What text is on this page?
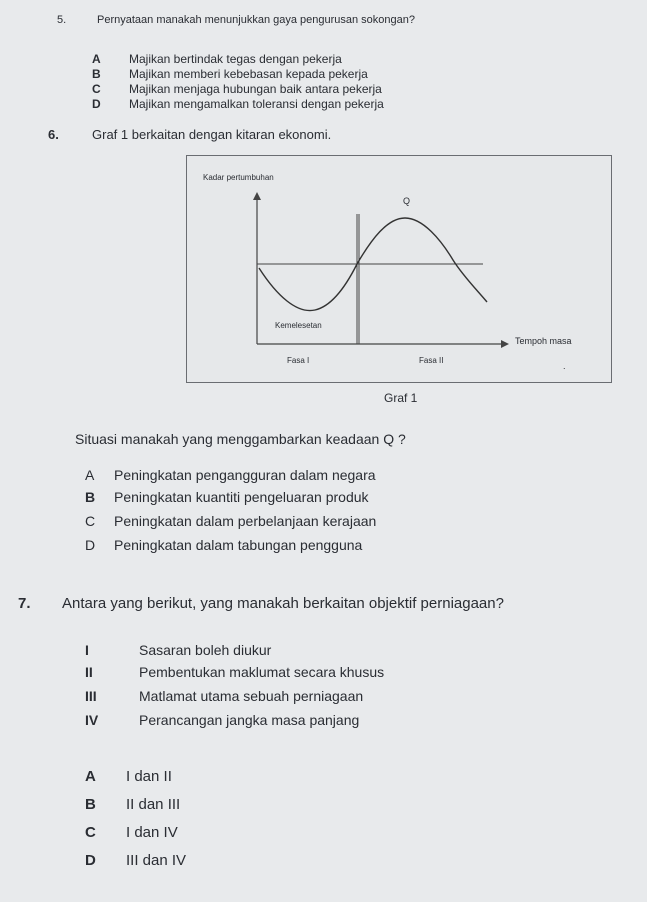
5.	Pernyataan manakah menunjukkan gaya pengurusan sokongan?
A Majikan bertindak tegas dengan pekerja
B Majikan memberi kebebasan kepada pekerja
C Majikan menjaga hubungan baik antara pekerja
D Majikan mengamalkan toleransi dengan pekerja
6.	Graf 1 berkaitan dengan kitaran ekonomi.
Kadar pertumbuhan
Q
Kemelesetan
Tempoh masa
Fasa I	Fasa II
.
Graf 1
Situasi manakah yang menggambarkan keadaan Q ?
A Peningkatan pengangguran dalam negara
B Peningkatan kuantiti pengeluaran produk
C Peningkatan dalam perbelanjaan kerajaan
D Peningkatan dalam tabungan pengguna
7. Antara yang berikut, yang manakah berkaitan objektif perniagaan?
I	Sasaran boleh diukur
II	Pembentukan maklumat secara khusus
III	Matlamat utama sebuah perniagaan
IV	Perancangan jangka masa panjang
A I dan II
B II dan III
C I dan IV
D III dan IV
